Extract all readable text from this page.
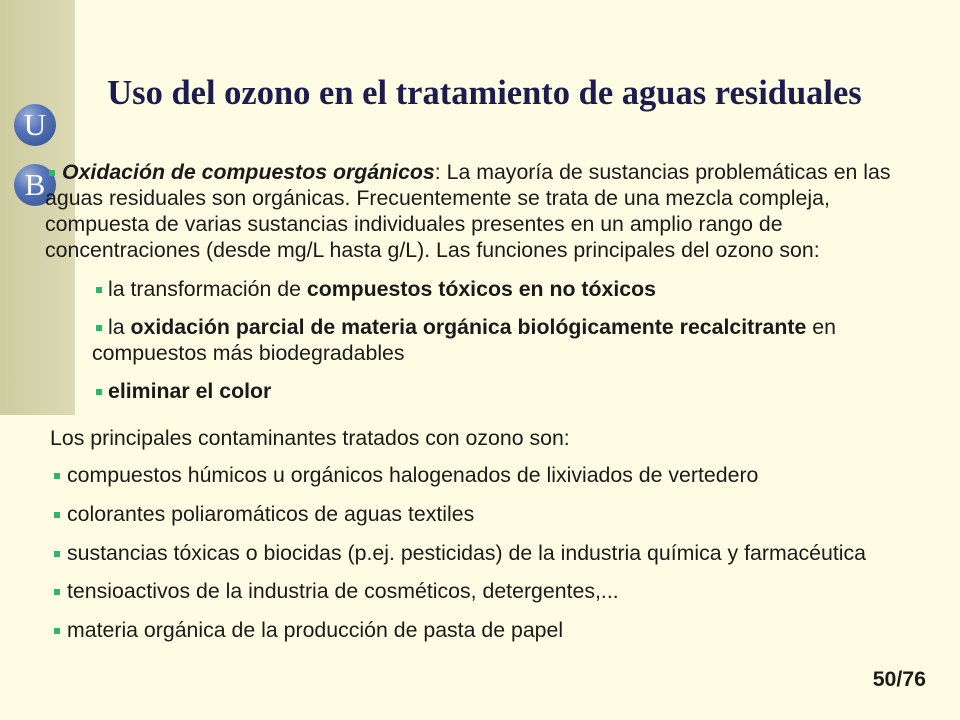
U
B
Uso del ozono en el tratamiento de aguas residuales

Oxidación de compuestos orgánicos: La mayoría de sustancias problemáticas en las aguas residuales son orgánicas. Frecuentemente se trata de una mezcla compleja, compuesta de varias sustancias individuales presentes en un amplio rango de concentraciones (desde mg/L hasta g/L). Las funciones principales del ozono son:

la transformación de compuestos tóxicos en no tóxicos
la oxidación parcial de materia orgánica biológicamente recalcitrante en compuestos más biodegradables
eliminar el color

Los principales contaminantes tratados con ozono son:

compuestos húmicos u orgánicos halogenados de lixiviados de vertedero
colorantes poliaromáticos de aguas textiles
sustancias tóxicas o biocidas (p.ej. pesticidas) de la industria química y farmacéutica
tensioactivos de la industria de cosméticos, detergentes,...
materia orgánica de la producción de pasta de papel
50/76
